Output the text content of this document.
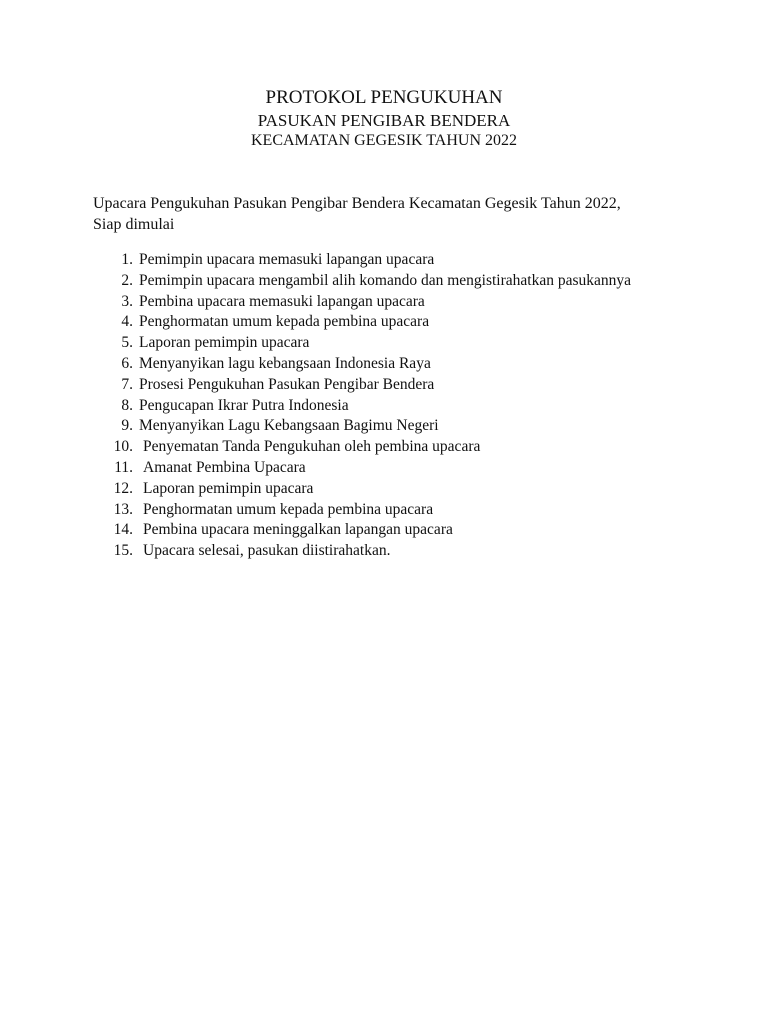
PROTOKOL PENGUKUHAN
PASUKAN PENGIBAR BENDERA
KECAMATAN GEGESIK TAHUN 2022
Upacara Pengukuhan Pasukan Pengibar Bendera Kecamatan Gegesik Tahun 2022,
Siap dimulai
1. Pemimpin upacara memasuki lapangan upacara
2. Pemimpin upacara mengambil alih komando dan mengistirahatkan pasukannya
3. Pembina upacara memasuki lapangan upacara
4. Penghormatan umum kepada pembina upacara
5. Laporan pemimpin upacara
6. Menyanyikan lagu kebangsaan Indonesia Raya
7. Prosesi Pengukuhan Pasukan Pengibar Bendera
8. Pengucapan Ikrar Putra Indonesia
9. Menyanyikan Lagu Kebangsaan Bagimu Negeri
10. Penyematan Tanda Pengukuhan oleh pembina upacara
11. Amanat Pembina Upacara
12. Laporan pemimpin upacara
13. Penghormatan umum kepada pembina upacara
14. Pembina upacara meninggalkan lapangan upacara
15. Upacara selesai, pasukan diistirahatkan.
